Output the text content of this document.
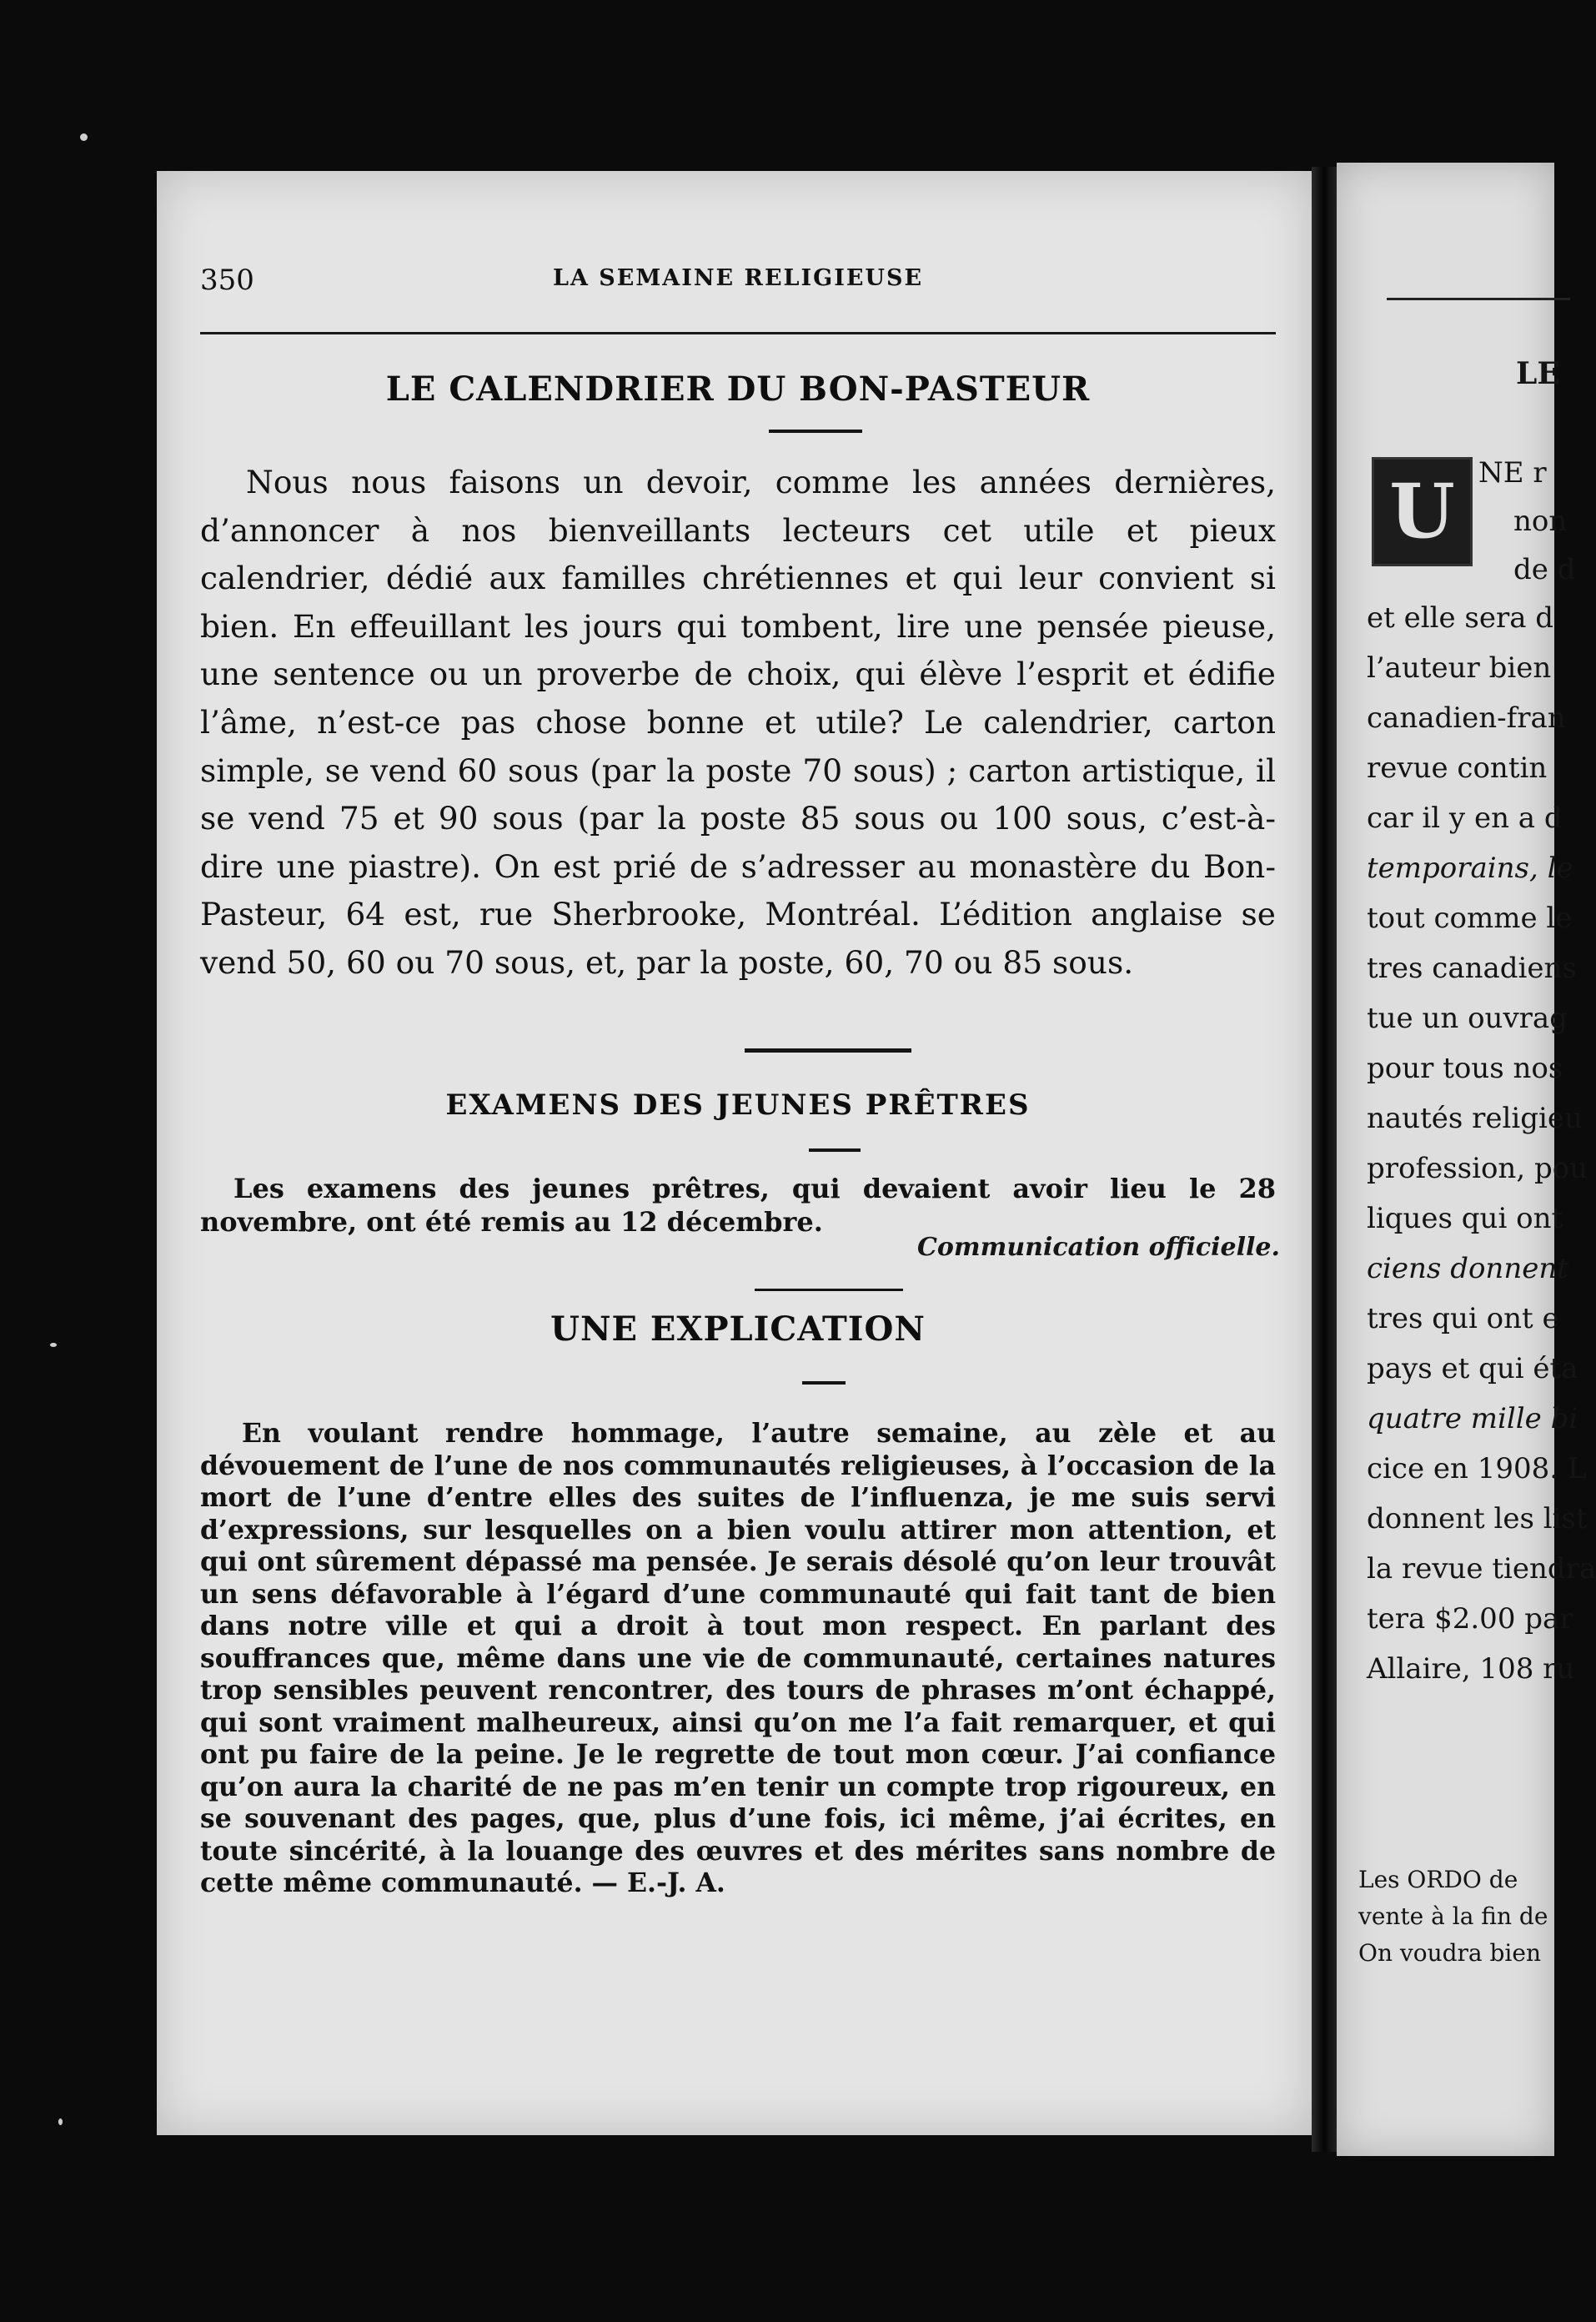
LE
U NE r
non
de d
et elle sera d
l’auteur bien
canadien-fran
revue contin
car il y en a d
temporains, le
tout comme le
tres canadiens
tue un ouvrag
pour tous nos
nautés religieu
profession, pou
liques qui ont
ciens donnent
tres qui ont e
pays et qui éta
quatre mille bi
cice en 1908. L
donnent les list
la revue tiendra
tera $2.00 par
Allaire, 108 ru
Les ORDO de
vente à la fin de
On voudra bien
350	LA SEMAINE RELIGIEUSE
LE CALENDRIER DU BON-PASTEUR

Nous nous faisons un devoir, comme les années dernières, d’annoncer à nos bienveillants lecteurs cet utile et pieux calendrier, dédié aux familles chrétiennes et qui leur convient si bien. En effeuillant les jours qui tombent, lire une pensée pieuse, une sentence ou un proverbe de choix, qui élève l’esprit et édifie l’âme, n’est-ce pas chose bonne et utile? Le calendrier, carton simple, se vend 60 sous (par la poste 70 sous) ; carton artistique, il se vend 75 et 90 sous (par la poste 85 sous ou 100 sous, c’est-à-dire une piastre). On est prié de s’adresser au monastère du Bon-Pasteur, 64 est, rue Sherbrooke, Montréal. L’édition anglaise se vend 50, 60 ou 70 sous, et, par la poste, 60, 70 ou 85 sous.

EXAMENS DES JEUNES PRÊTRES

Les examens des jeunes prêtres, qui devaient avoir lieu le 28 novembre, ont été remis au 12 décembre.

Communication officielle.
UNE EXPLICATION

En voulant rendre hommage, l’autre semaine, au zèle et au dévouement de l’une de nos communautés religieuses, à l’occasion de la mort de l’une d’entre elles des suites de l’influenza, je me suis servi d’expressions, sur lesquelles on a bien voulu attirer mon attention, et qui ont sûrement dépassé ma pensée. Je serais désolé qu’on leur trouvât un sens défavorable à l’égard d’une communauté qui fait tant de bien dans notre ville et qui a droit à tout mon respect. En parlant des souffrances que, même dans une vie de communauté, certaines natures trop sensibles peuvent rencontrer, des tours de phrases m’ont échappé, qui sont vraiment malheureux, ainsi qu’on me l’a fait remarquer, et qui ont pu faire de la peine. Je le regrette de tout mon cœur. J’ai confiance qu’on aura la charité de ne pas m’en tenir un compte trop rigoureux, en se souvenant des pages, que, plus d’une fois, ici même, j’ai écrites, en toute sincérité, à la louange des œuvres et des mérites sans nombre de cette même communauté. — E.-J. A.
